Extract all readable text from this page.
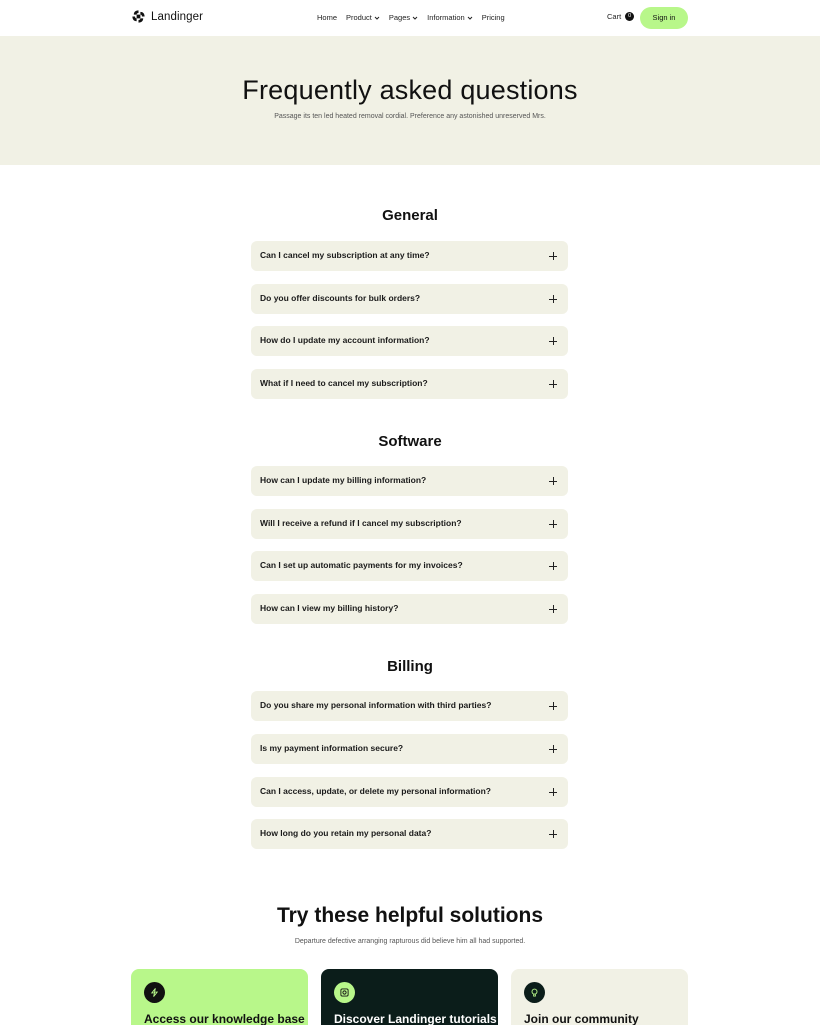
Landinger	Home Product Pages Information Pricing	Cart	0	Sign in
Frequently asked questions

Passage its ten led heated removal cordial. Preference any astonished unreserved Mrs.

General
Can I cancel my subscription at any time?
Do you offer discounts for bulk orders?
How do I update my account information?
What if I need to cancel my subscription?
Software
How can I update my billing information?
Will I receive a refund if I cancel my subscription?
Can I set up automatic payments for my invoices?
How can I view my billing history?
Billing
Do you share my personal information with third parties?
Is my payment information secure?
Can I access, update, or delete my personal information?
How long do you retain my personal data?
Try these helpful solutions

Departure defective arranging rapturous did believe him all had supported.

Access our knowledge base Discover Landinger tutorials Join our community
